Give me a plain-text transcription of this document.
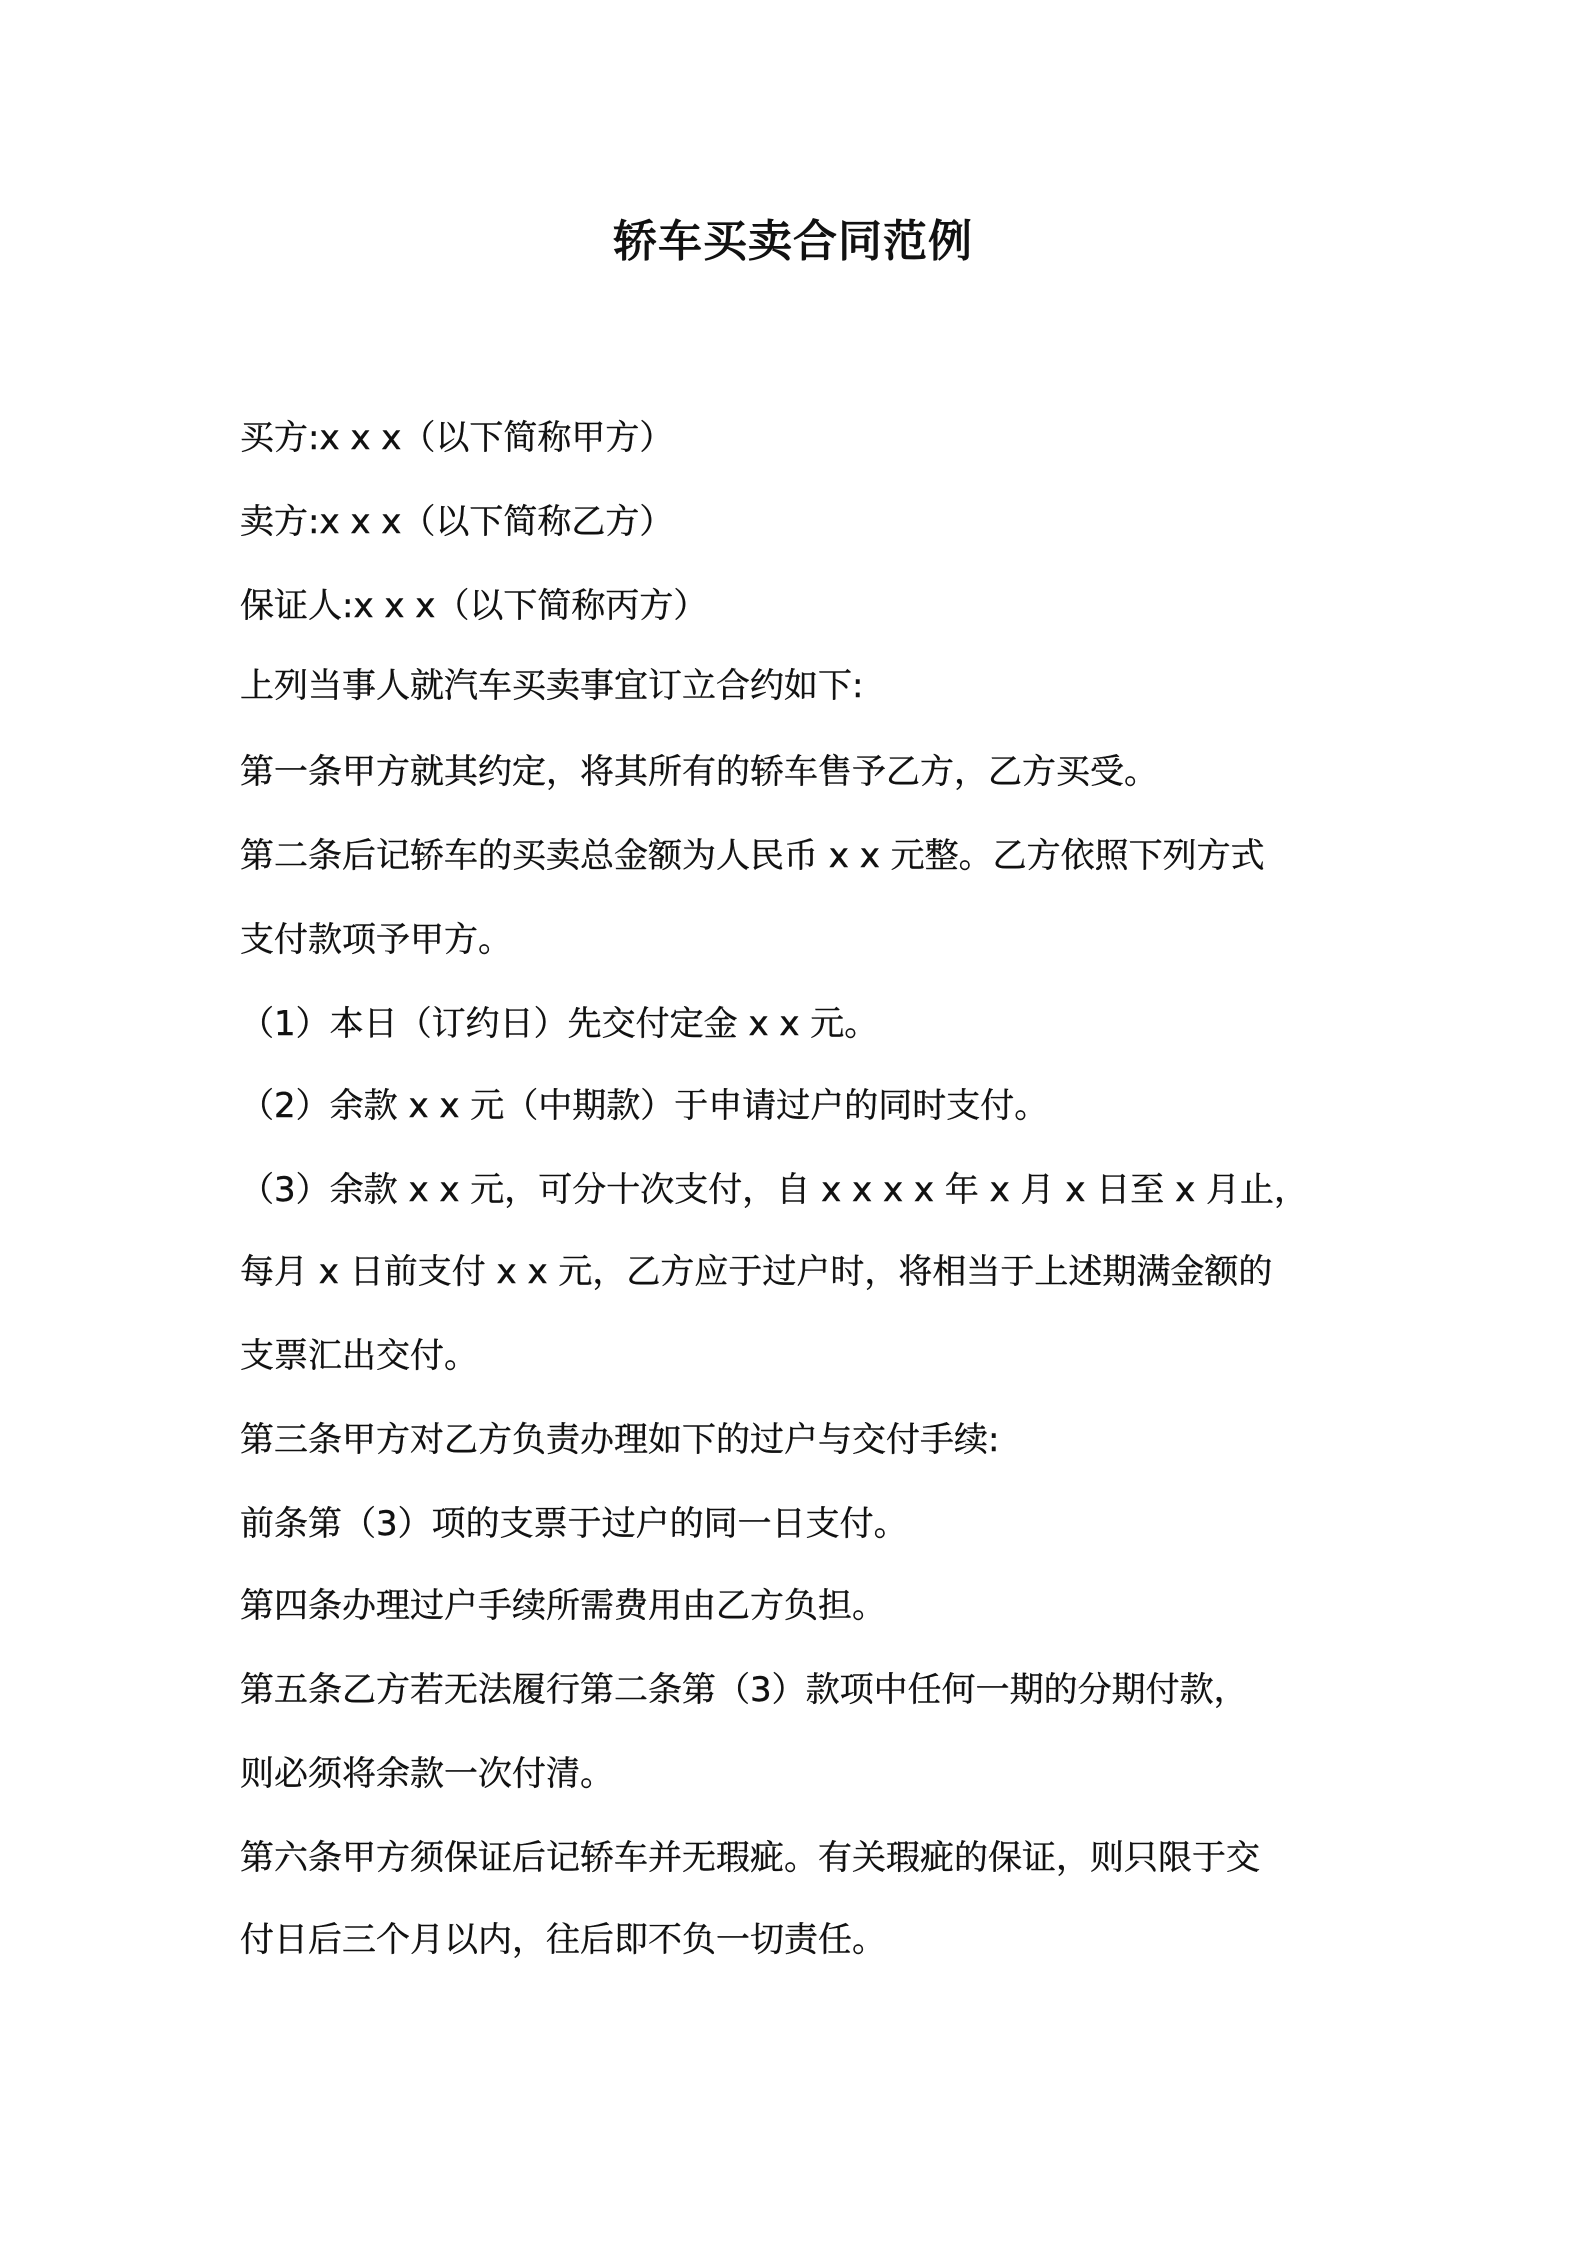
轿车买卖合同范例
买方:x x x（以下简称甲方）
卖方:x x x（以下简称乙方）
保证人:x x x（以下简称丙方）
上列当事人就汽车买卖事宜订立合约如下:
第一条甲方就其约定，将其所有的轿车售予乙方，乙方买受。
第二条后记轿车的买卖总金额为人民币 x x 元整。乙方依照下列方式
支付款项予甲方。
（1）本日（订约日）先交付定金 x x 元。
（2）余款 x x 元（中期款）于申请过户的同时支付。
（3）余款 x x 元，可分十次支付，自 x x x x 年 x 月 x 日至 x 月止，
每月 x 日前支付 x x 元，乙方应于过户时，将相当于上述期满金额的
支票汇出交付。
第三条甲方对乙方负责办理如下的过户与交付手续:
前条第（3）项的支票于过户的同一日支付。
第四条办理过户手续所需费用由乙方负担。
第五条乙方若无法履行第二条第（3）款项中任何一期的分期付款，
则必须将余款一次付清。
第六条甲方须保证后记轿车并无瑕疵。有关瑕疵的保证，则只限于交
付日后三个月以内，往后即不负一切责任。
